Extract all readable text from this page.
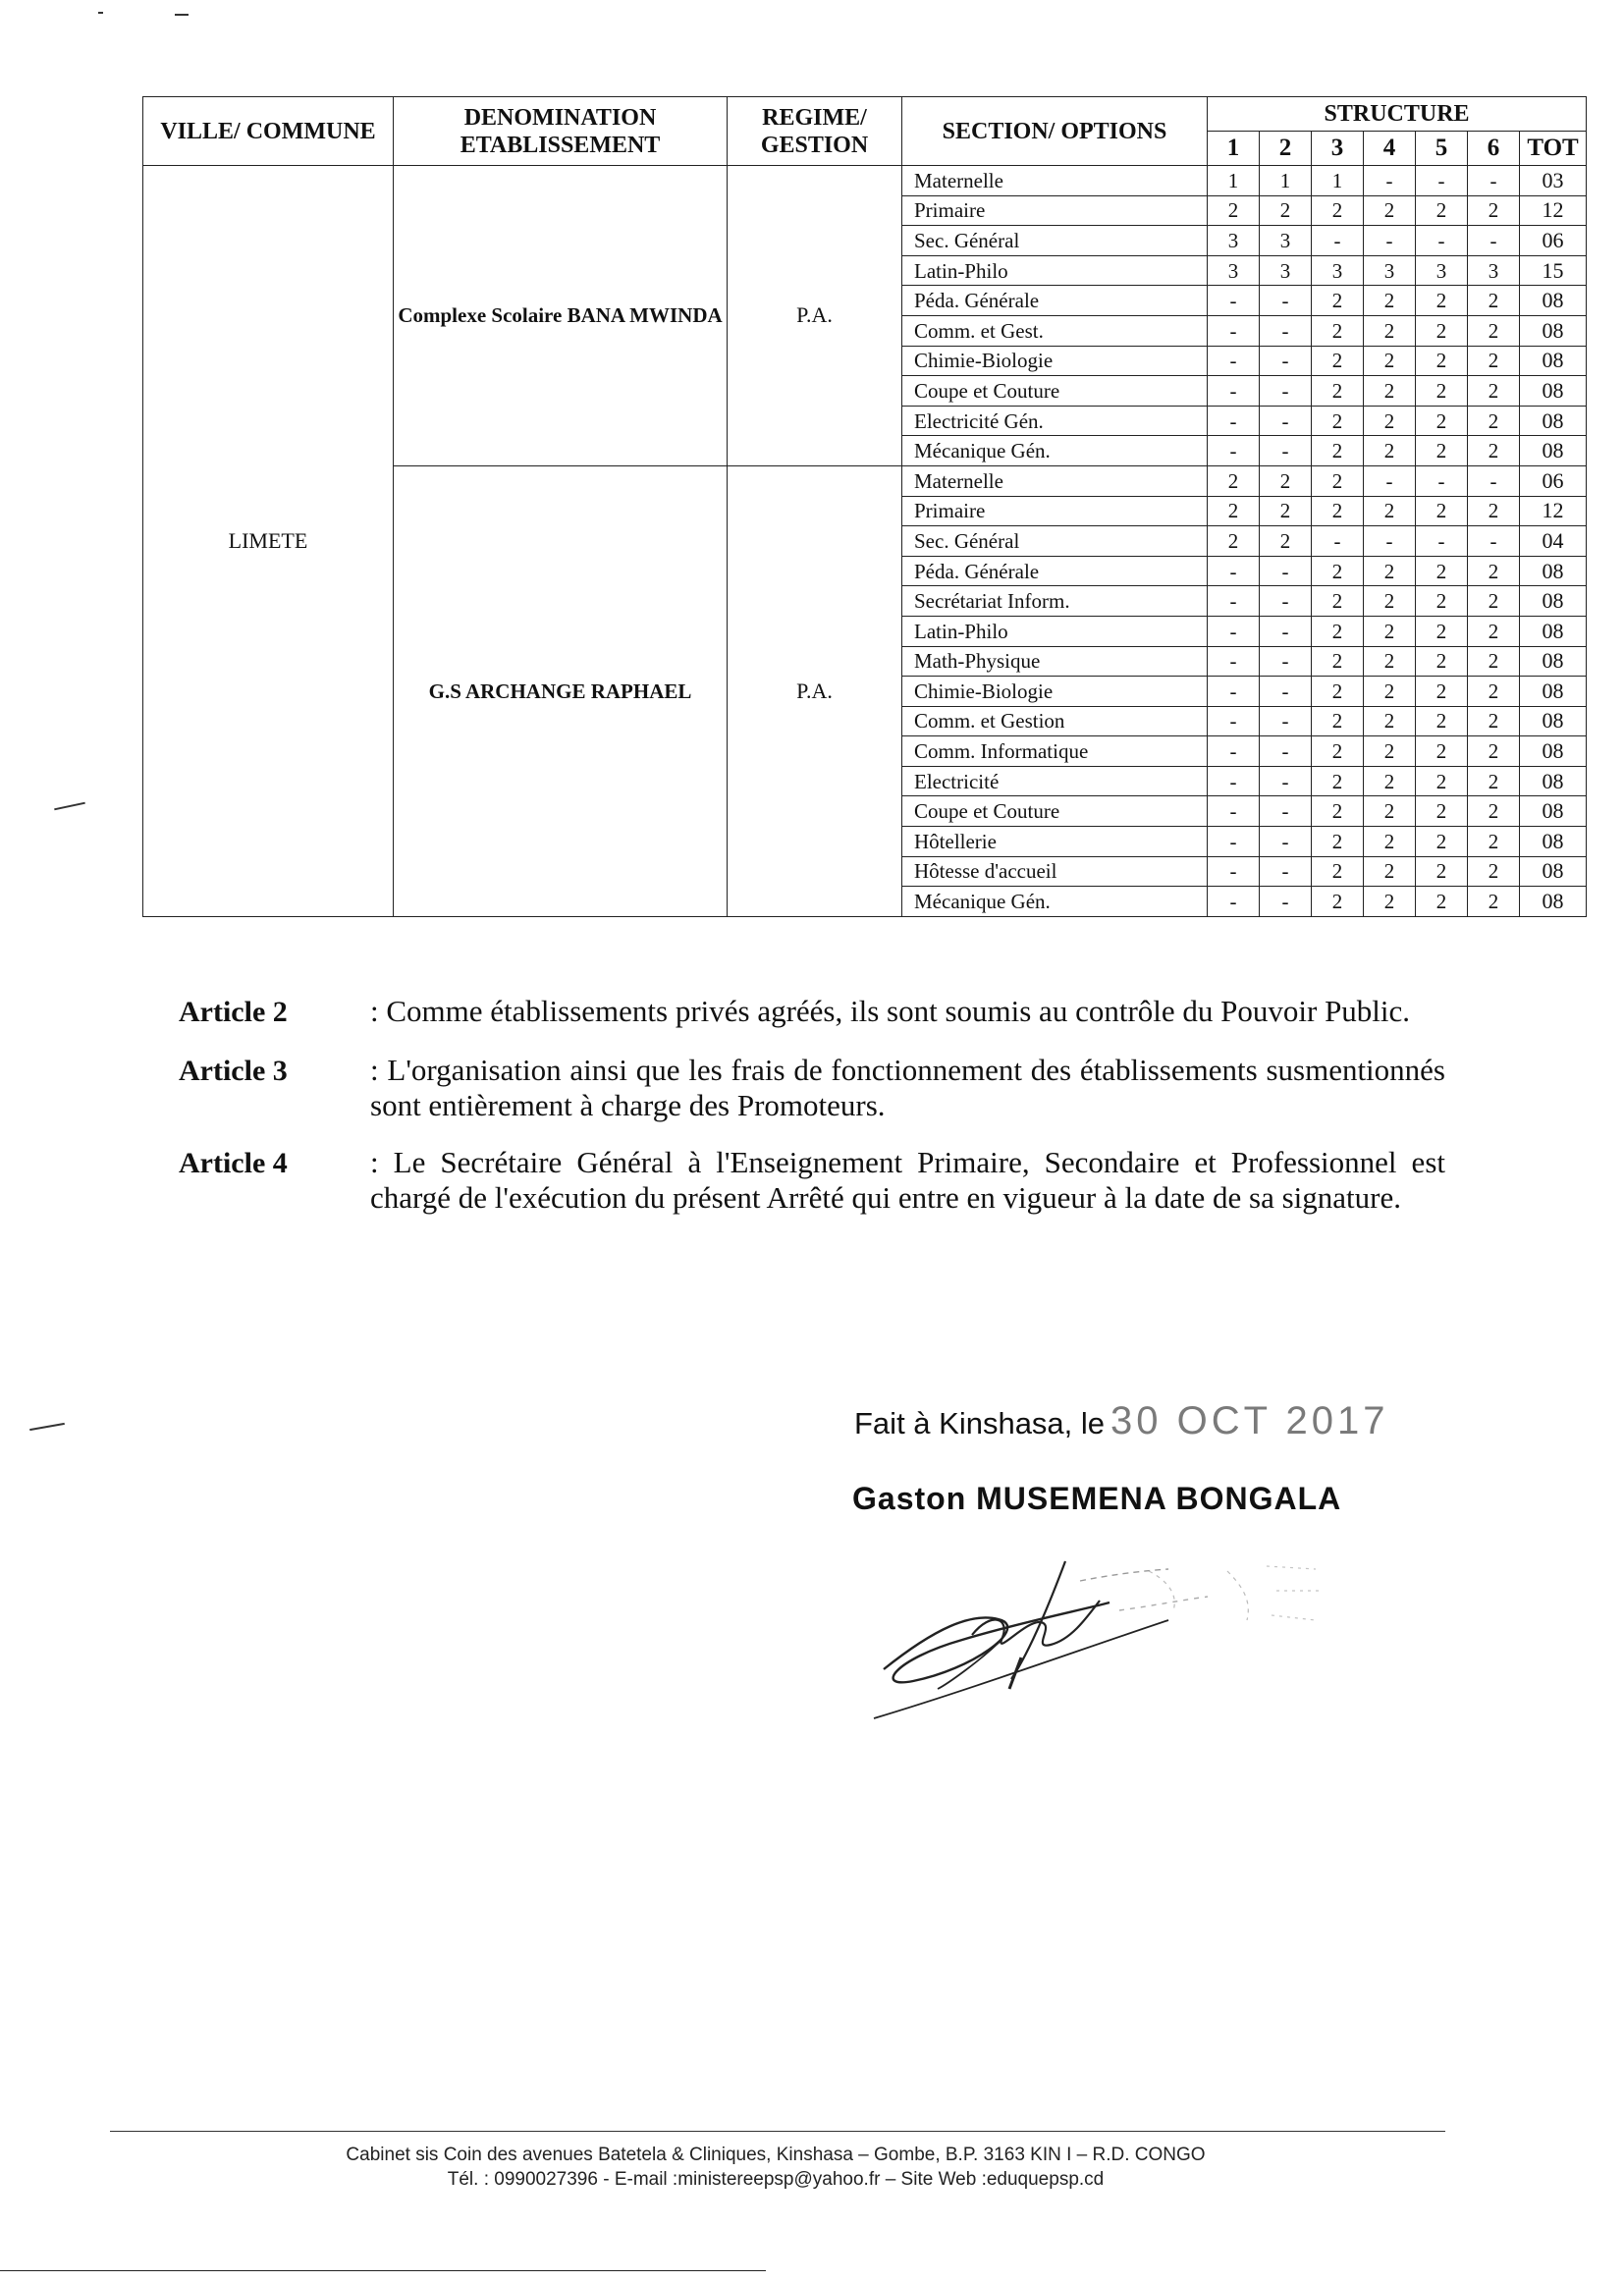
VILLE/ COMMUNE	DENOMINATION ETABLISSEMENT	REGIME/ GESTION	SECTION/ OPTIONS	STRUCTURE						
				1	2	3	4	5	6	TOT
LIMETE	Complexe Scolaire BANA MWINDA	P.A.	Maternelle	1	1	1	-	-	-	03
			Primaire	2	2	2	2	2	2	12
			Sec. Général	3	3	-	-	-	-	06
			Latin-Philo	3	3	3	3	3	3	15
			Péda. Générale	-	-	2	2	2	2	08
			Comm. et Gest.	-	-	2	2	2	2	08
			Chimie-Biologie	-	-	2	2	2	2	08
			Coupe et Couture	-	-	2	2	2	2	08
			Electricité Gén.	-	-	2	2	2	2	08
			Mécanique Gén.	-	-	2	2	2	2	08
	G.S ARCHANGE RAPHAEL	P.A.	Maternelle	2	2	2	-	-	-	06
			Primaire	2	2	2	2	2	2	12
			Sec. Général	2	2	-	-	-	-	04
			Péda. Générale	-	-	2	2	2	2	08
			Secrétariat Inform.	-	-	2	2	2	2	08
			Latin-Philo	-	-	2	2	2	2	08
			Math-Physique	-	-	2	2	2	2	08
			Chimie-Biologie	-	-	2	2	2	2	08
			Comm. et Gestion	-	-	2	2	2	2	08
			Comm. Informatique	-	-	2	2	2	2	08
			Electricité	-	-	2	2	2	2	08
			Coupe et Couture	-	-	2	2	2	2	08
			Hôtellerie	-	-	2	2	2	2	08
			Hôtesse d'accueil	-	-	2	2	2	2	08
			Mécanique Gén.	-	-	2	2	2	2	08
Article 2	: Comme établissements privés agréés, ils sont soumis au contrôle du Pouvoir Public.
Article 3	: L'organisation ainsi que les frais de fonctionnement des établissements susmentionnés sont entièrement à charge des Promoteurs.
Article 4	: Le Secrétaire Général à l'Enseignement Primaire, Secondaire et Professionnel est chargé de l'exécution du présent Arrêté qui entre en vigueur à la date de sa signature.
Fait à Kinshasa, le 30 OCT 2017
Gaston MUSEMENA BONGALA
Cabinet sis Coin des avenues Batetela & Cliniques, Kinshasa – Gombe, B.P. 3163 KIN I – R.D. CONGO
Tél. : 0990027396 - E-mail :ministereepsp@yahoo.fr – Site Web :eduquepsp.cd
